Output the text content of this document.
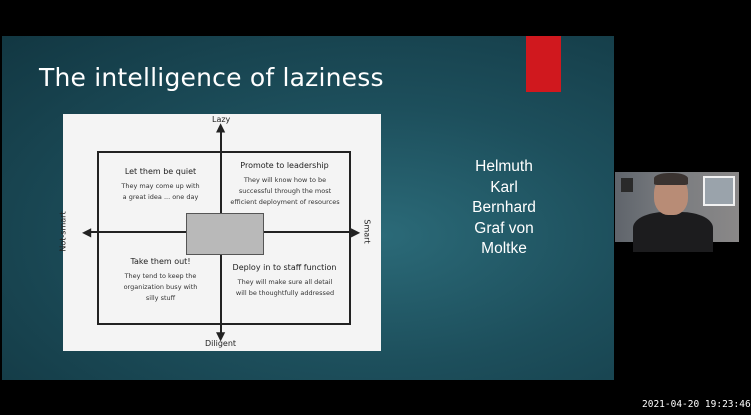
The intelligence of laziness
▲
▼
◀	▶
Lazy
Diligent
Not-smart	Smart
Let them be quiet
They may come up with
a great idea ... one day
Promote to leadership
They will know how to be
successful through the most
efficient deployment of resources
Take them out!
They tend to keep the
organization busy with
silly stuff
Deploy in to staff function
They will make sure all detail
will be thoughtfully addressed
Helmuth
Karl
Bernhard
Graf von
Moltke
2021-04-20 19:23:46
